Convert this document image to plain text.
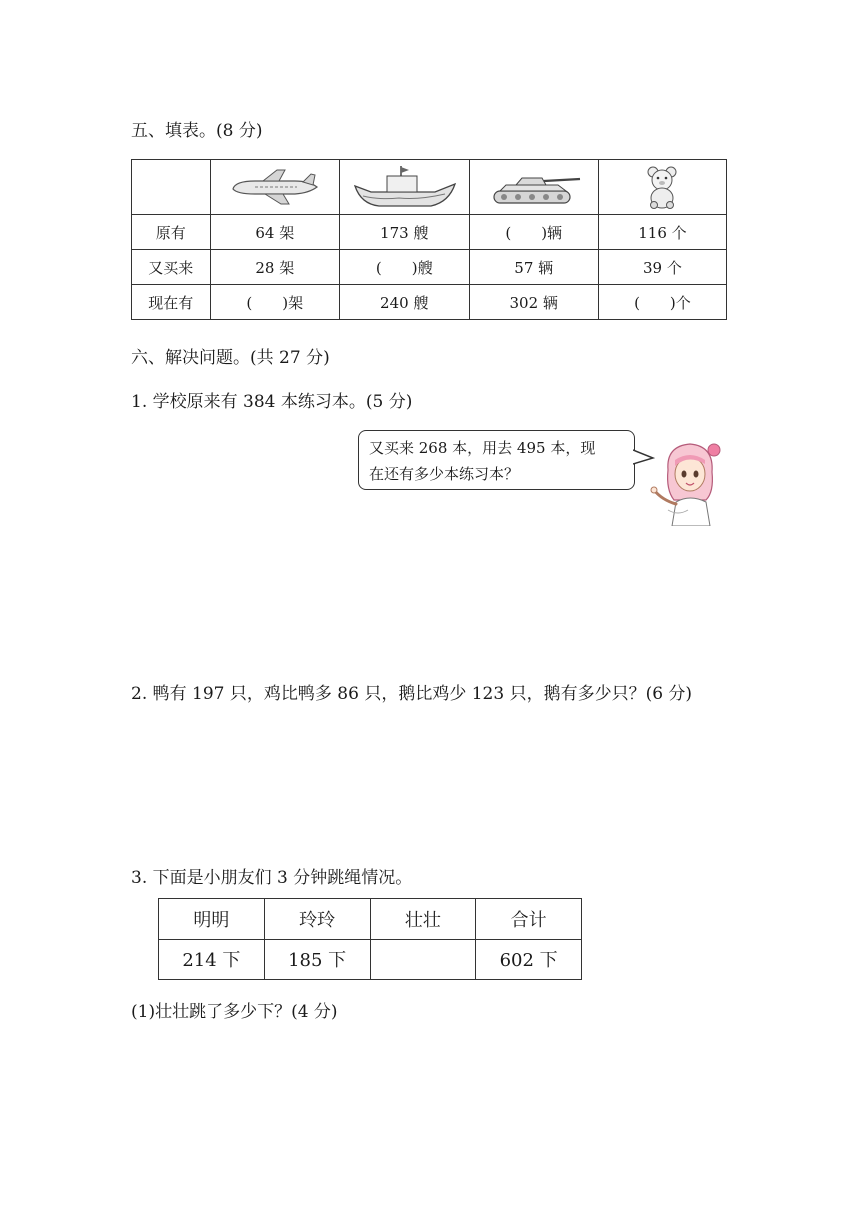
五、填表。(8 分)

原有	64 架	173 艘	(　　)辆	116 个
又买来	28 架	(　　)艘	57 辆	39 个
现在有	(　　)架	240 艘	302 辆	(　　)个
六、解决问题。(共 27 分)
1. 学校原来有 384 本练习本。(5 分)
又买来 268 本，用去 495 本，现
在还有多少本练习本？
2. 鸭有 197 只，鸡比鸭多 86 只，鹅比鸡少 123 只，鹅有多少只？(6 分)
3. 下面是小朋友们 3 分钟跳绳情况。
明明	玲玲	壮壮	合计
214 下	185 下		602 下
(1)壮壮跳了多少下？(4 分)
